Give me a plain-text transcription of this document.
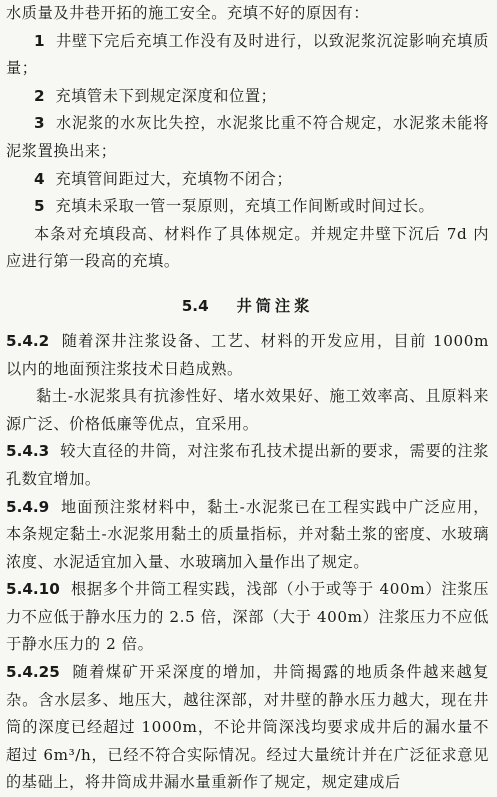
水质量及井巷开拓的施工安全。充填不好的原因有：

1 井壁下完后充填工作没有及时进行，以致泥浆沉淀影响充填质量；

2 充填管未下到规定深度和位置；

3 水泥浆的水灰比失控，水泥浆比重不符合规定，水泥浆未能将泥浆置换出来；

4 充填管间距过大，充填物不闭合；

5 充填未采取一管一泵原则，充填工作间断或时间过长。

本条对充填段高、材料作了具体规定。并规定井壁下沉后 7d 内应进行第一段高的充填。

5.4 井筒注浆

5.4.2 随着深井注浆设备、工艺、材料的开发应用，目前 1000m 以内的地面预注浆技术日趋成熟。

黏土-水泥浆具有抗渗性好、堵水效果好、施工效率高、且原料来源广泛、价格低廉等优点，宜采用。

5.4.3 较大直径的井筒，对注浆布孔技术提出新的要求，需要的注浆孔数宜增加。

5.4.9 地面预注浆材料中，黏土-水泥浆已在工程实践中广泛应用，本条规定黏土-水泥浆用黏土的质量指标，并对黏土浆的密度、水玻璃浓度、水泥适宜加入量、水玻璃加入量作出了规定。

5.4.10 根据多个井筒工程实践，浅部（小于或等于 400m）注浆压力不应低于静水压力的 2.5 倍，深部（大于 400m）注浆压力不应低于静水压力的 2 倍。

5.4.25 随着煤矿开采深度的增加，井筒揭露的地质条件越来越复杂。含水层多、地压大，越往深部，对井壁的静水压力越大，现在井筒的深度已经超过 1000m，不论井筒深浅均要求成井后的漏水量不超过 6m³/h，已经不符合实际情况。经过大量统计并在广泛征求意见的基础上，将井筒成井漏水量重新作了规定，规定建成后
